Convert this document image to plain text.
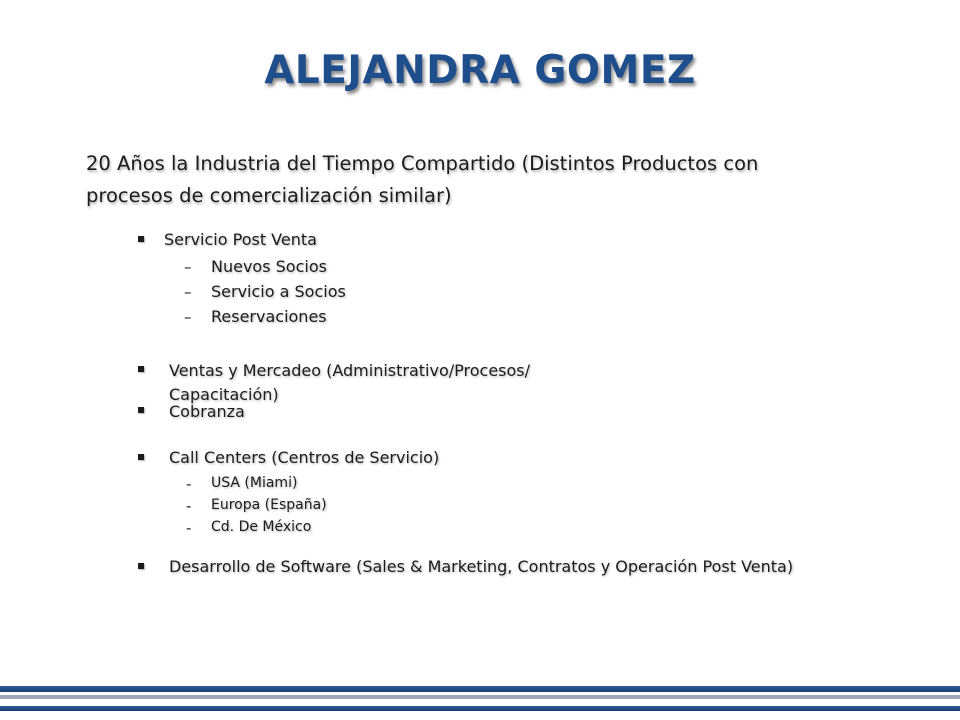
ALEJANDRA GOMEZ
20 Años la Industria del Tiempo Compartido (Distintos Productos con procesos de comercialización similar)
Servicio Post Venta
– Nuevos Socios
– Servicio a Socios
– Reservaciones
Ventas y Mercadeo (Administrativo/Procesos/
Capacitación)
Cobranza
Call Centers (Centros de Servicio)
- USA (Miami)
- Europa (España)
- Cd. De México
Desarrollo de Software (Sales & Marketing, Contratos y Operación Post Venta)
